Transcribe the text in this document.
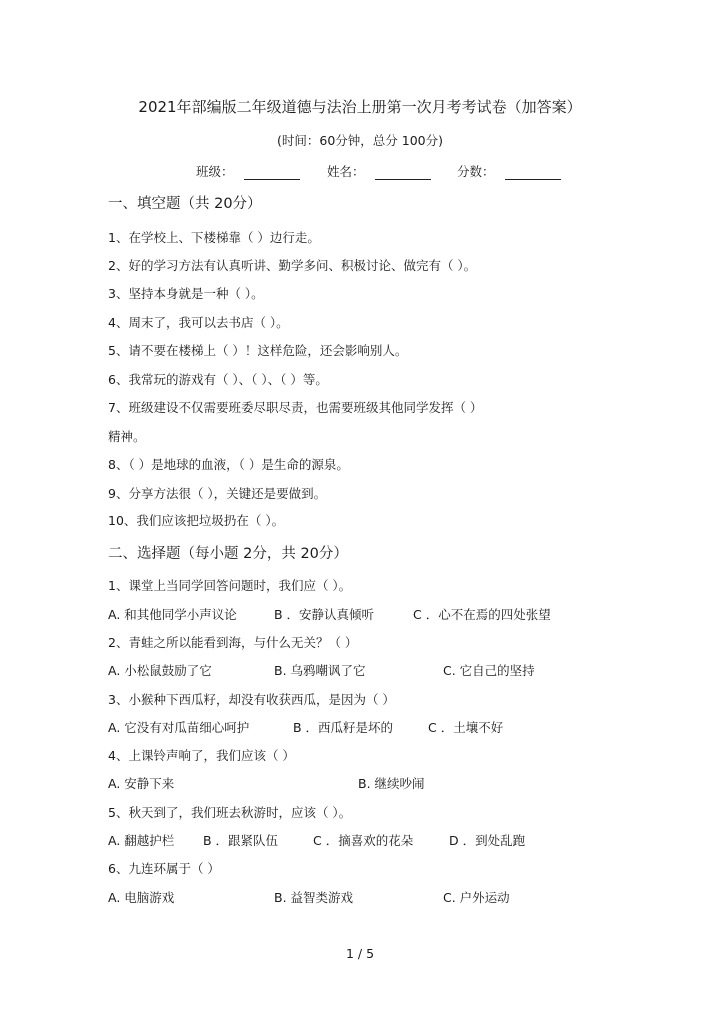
2021年部编版二年级道德与法治上册第一次月考考试卷（加答案）
(时间：60分钟，总分 100分)
班级：	姓名：	分数：
一、填空题（共 20分）
1、在学校上、下楼梯靠（ ）边行走。
2、好的学习方法有认真听讲、勤学多问、积极讨论、做完有（ ）。
3、坚持本身就是一种（ ）。
4、周末了，我可以去书店（ ）。
5、请不要在楼梯上（ ）！这样危险，还会影响别人。
6、我常玩的游戏有（ ）、（ ）、（ ）等。
7、班级建设不仅需要班委尽职尽责，也需要班级其他同学发挥（ ）
精神。
8、（ ）是地球的血液，（ ）是生命的源泉。
9、分享方法很（ ），关键还是要做到。
10、我们应该把垃圾扔在（ ）。
二、选择题（每小题 2分，共 20分）
1、课堂上当同学回答问题时，我们应（ ）。
A. 和其他同学小声议论	B ．安静认真倾听	C ．心不在焉的四处张望
2、青蛙之所以能看到海，与什么无关？（ ）
A. 小松鼠鼓励了它	B. 乌鸦嘲讽了它	C. 它自己的坚持
3、小猴种下西瓜籽，却没有收获西瓜，是因为（ ）
A. 它没有对瓜苗细心呵护	B ．西瓜籽是坏的	C ．土壤不好
4、上课铃声响了，我们应该（ ）
A. 安静下来	B. 继续吵闹
5、秋天到了，我们班去秋游时，应该（ ）。
A. 翻越护栏 B ．跟紧队伍	C ．摘喜欢的花朵	D ．到处乱跑
6、九连环属于（ ）
A. 电脑游戏	B. 益智类游戏	C. 户外运动
1 / 5
